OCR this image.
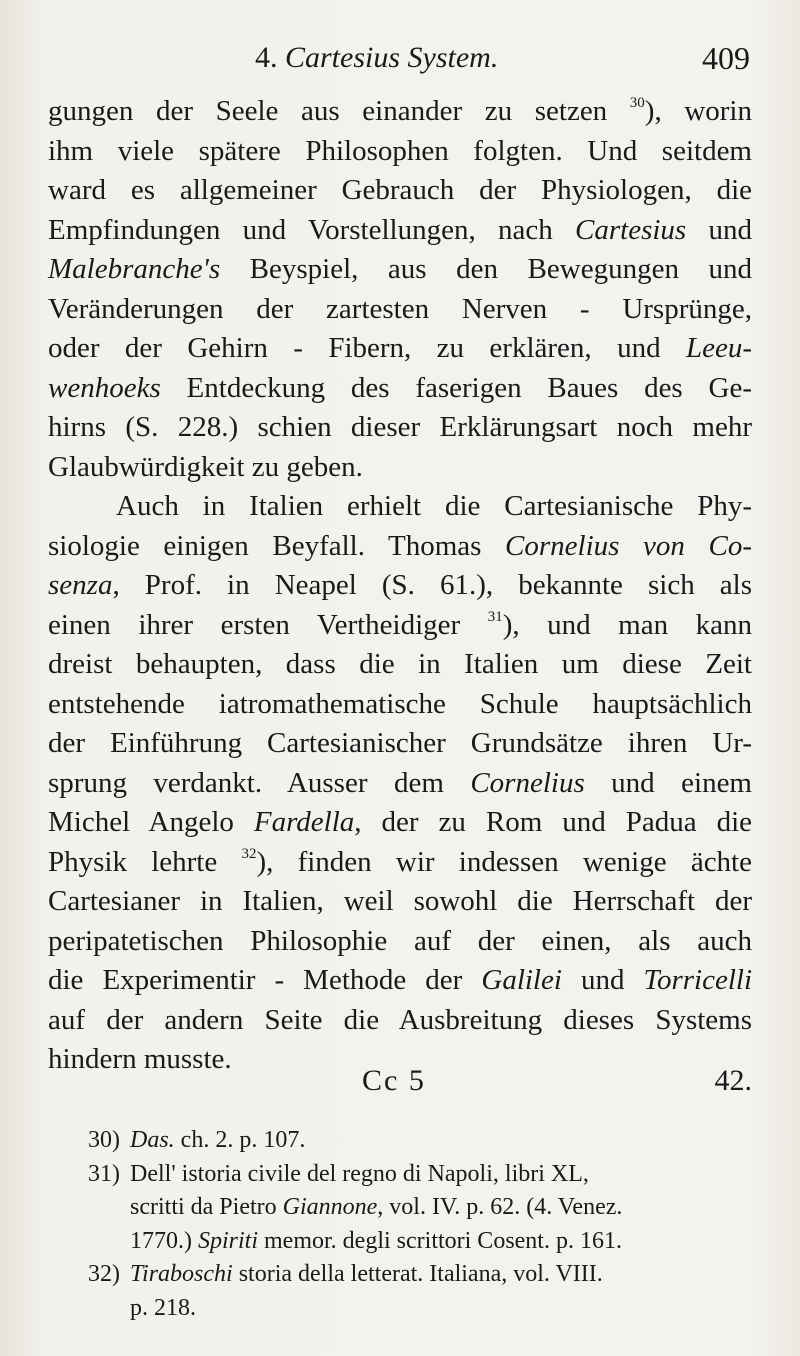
4. Cartesius System.	409
gungen der Seele aus einander zu setzen $^{30}$), worin
ihm viele spätere Philosophen folgten. Und seitdem
ward es allgemeiner Gebrauch der Physiologen, die
Empfindungen und Vorstellungen, nach Cartesius und
Malebranche's Beyspiel, aus den Bewegungen und
Veränderungen der zartesten Nerven - Ursprünge,
oder der Gehirn - Fibern, zu erklären, und Leeu-
wenhoeks Entdeckung des faserigen Baues des Ge-
hirns (S. 228.) schien dieser Erklärungsart noch mehr
Glaubwürdigkeit zu geben.
Auch in Italien erhielt die Cartesianische Phy-
siologie einigen Beyfall. Thomas Cornelius von Co-
senza, Prof. in Neapel (S. 61.), bekannte sich als
einen ihrer ersten Vertheidiger $^{31}$), und man kann
dreist behaupten, dass die in Italien um diese Zeit
entstehende iatromathematische Schule hauptsächlich
der Einführung Cartesianischer Grundsätze ihren Ur-
sprung verdankt. Ausser dem Cornelius und einem
Michel Angelo Fardella, der zu Rom und Padua die
Physik lehrte $^{32}$), finden wir indessen wenige ächte
Cartesianer in Italien, weil sowohl die Herrschaft der
peripatetischen Philosophie auf der einen, als auch
die Experimentir - Methode der Galilei und Torricelli
auf der andern Seite die Ausbreitung dieses Systems
hindern musste.
Cc 5	42.
30) Das. ch. 2. p. 107.
31) Dell' istoria civile del regno di Napoli, libri XL,
scritti da Pietro Giannone, vol. IV. p. 62. (4. Venez.
1770.) Spiriti memor. degli scrittori Cosent. p. 161.
32) Tiraboschi storia della letterat. Italiana, vol. VIII.
p. 218.
